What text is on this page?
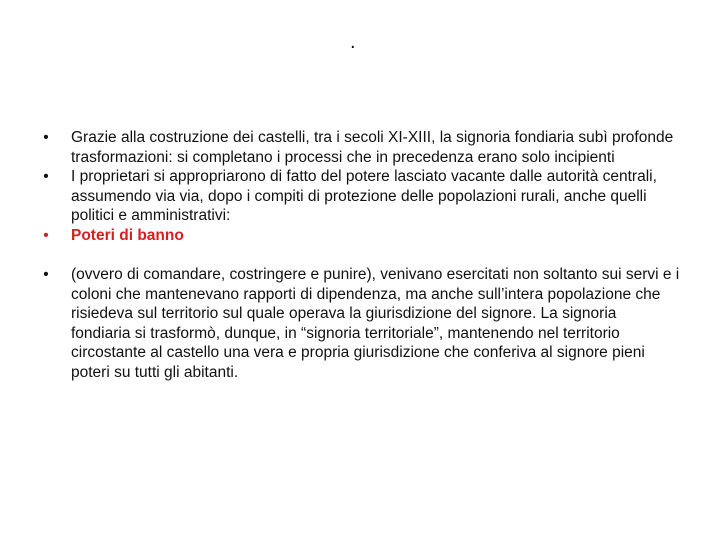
.
• Grazie alla costruzione dei castelli, tra i secoli XI-XIII, la signoria fondiaria subì profonde trasformazioni: si completano i processi che in precedenza erano solo incipienti
• I proprietari si appropriarono di fatto del potere lasciato vacante dalle autorità centrali, assumendo via via, dopo i compiti di protezione delle popolazioni rurali, anche quelli politici e amministrativi:
• Poteri di banno
• (ovvero di comandare, costringere e punire), venivano esercitati non soltanto sui servi e i coloni che mantenevano rapporti di dipendenza, ma anche sull’intera popolazione che risiedeva sul territorio sul quale operava la giurisdizione del signore. La signoria fondiaria si trasformò, dunque, in “signoria territoriale”, mantenendo nel territorio circostante al castello una vera e propria giurisdizione che conferiva al signore pieni poteri su tutti gli abitanti.
